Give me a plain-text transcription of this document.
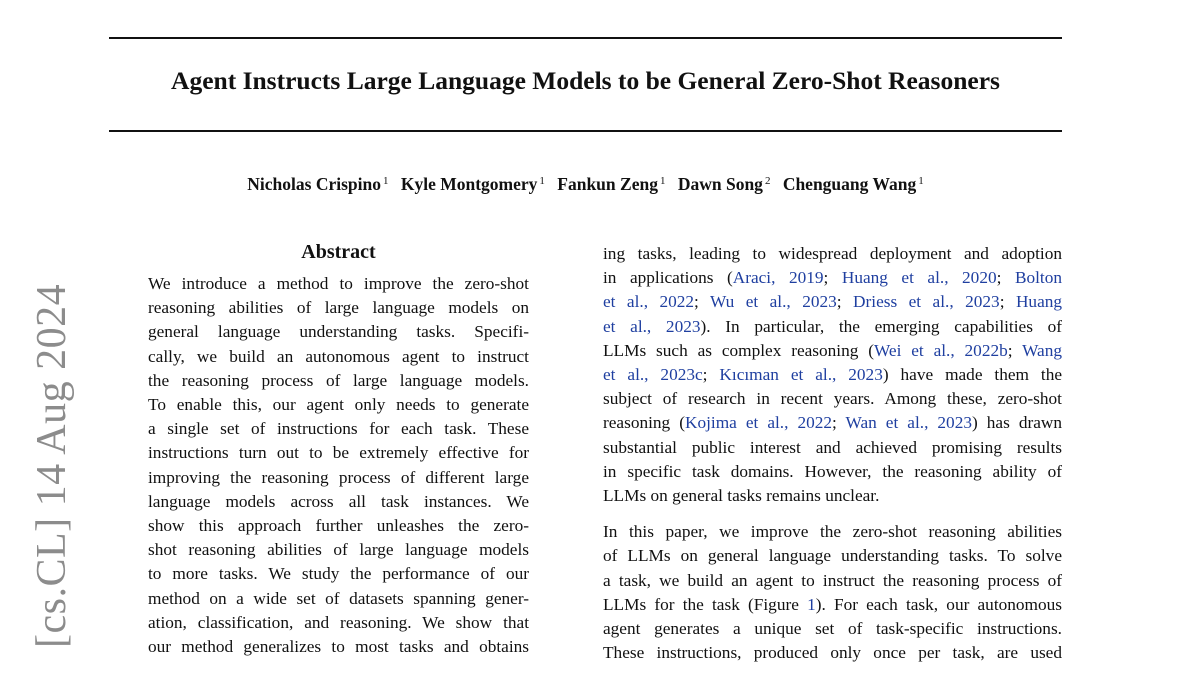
Agent Instructs Large Language Models to be General Zero-Shot Reasoners
Nicholas Crispino $^1$ Kyle Montgomery $^1$ Fankun Zeng $^1$ Dawn Song $^2$ Chenguang Wang $^1$
[cs.CL] 14 Aug 2024
Abstract
We introduce a method to improve the zero-shot
reasoning abilities of large language models on
general language understanding tasks. Specifi-
cally, we build an autonomous agent to instruct
the reasoning process of large language models.
To enable this, our agent only needs to generate
a single set of instructions for each task. These
instructions turn out to be extremely effective for
improving the reasoning process of different large
language models across all task instances. We
show this approach further unleashes the zero-
shot reasoning abilities of large language models
to more tasks. We study the performance of our
method on a wide set of datasets spanning gener-
ation, classification, and reasoning. We show that
our method generalizes to most tasks and obtains
ing tasks, leading to widespread deployment and adoption
in applications (Araci, 2019; Huang et al., 2020; Bolton
et al., 2022; Wu et al., 2023; Driess et al., 2023; Huang
et al., 2023). In particular, the emerging capabilities of
LLMs such as complex reasoning (Wei et al., 2022b; Wang
et al., 2023c; Kıcıman et al., 2023) have made them the
subject of research in recent years. Among these, zero-shot
reasoning (Kojima et al., 2022; Wan et al., 2023) has drawn
substantial public interest and achieved promising results
in specific task domains. However, the reasoning ability of
LLMs on general tasks remains unclear.
In this paper, we improve the zero-shot reasoning abilities
of LLMs on general language understanding tasks. To solve
a task, we build an agent to instruct the reasoning process of
LLMs for the task (Figure 1). For each task, our autonomous
agent generates a unique set of task-specific instructions.
These instructions, produced only once per task, are used
